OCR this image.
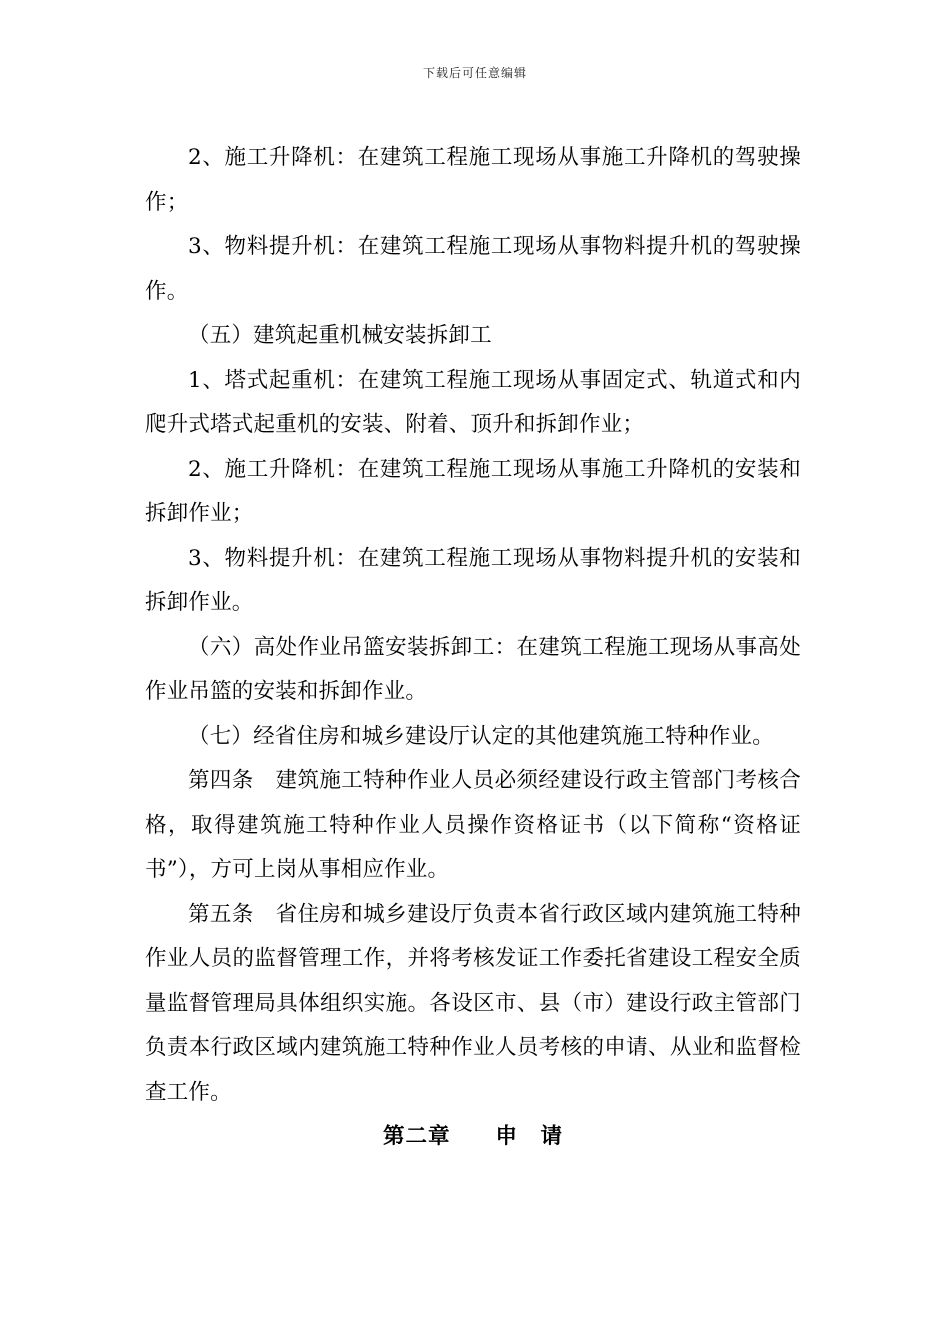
下载后可任意编辑

2、施工升降机：在建筑工程施工现场从事施工升降机的驾驶操作；

3、物料提升机：在建筑工程施工现场从事物料提升机的驾驶操作。

（五）建筑起重机械安装拆卸工

1、塔式起重机：在建筑工程施工现场从事固定式、轨道式和内爬升式塔式起重机的安装、附着、顶升和拆卸作业；

2、施工升降机：在建筑工程施工现场从事施工升降机的安装和拆卸作业；

3、物料提升机：在建筑工程施工现场从事物料提升机的安装和拆卸作业。

（六）高处作业吊篮安装拆卸工：在建筑工程施工现场从事高处作业吊篮的安装和拆卸作业。

（七）经省住房和城乡建设厅认定的其他建筑施工特种作业。

第四条　建筑施工特种作业人员必须经建设行政主管部门考核合格，取得建筑施工特种作业人员操作资格证书（以下简称“资格证书”），方可上岗从事相应作业。

第五条　省住房和城乡建设厅负责本省行政区域内建筑施工特种作业人员的监督管理工作，并将考核发证工作委托省建设工程安全质量监督管理局具体组织实施。各设区市、县（市）建设行政主管部门负责本行政区域内建筑施工特种作业人员考核的申请、从业和监督检查工作。

第二章　　申　请
